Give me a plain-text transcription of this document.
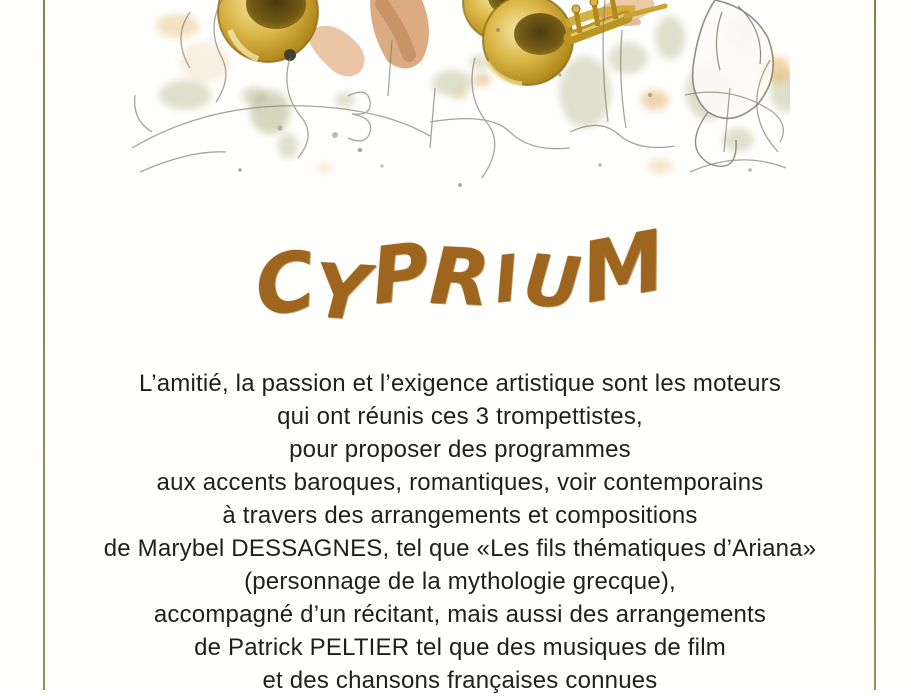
CYPRIUM

L’amitié, la passion et l’exigence artistique sont les moteurs

qui ont réunis ces 3 trompettistes,

pour proposer des programmes

aux accents baroques, romantiques, voir contemporains

à travers des arrangements et compositions

de Marybel DESSAGNES, tel que «Les fils thématiques d’Ariana»

(personnage de la mythologie grecque),

accompagné d’un récitant, mais aussi des arrangements

de Patrick PELTIER tel que des musiques de film

et des chansons françaises connues
